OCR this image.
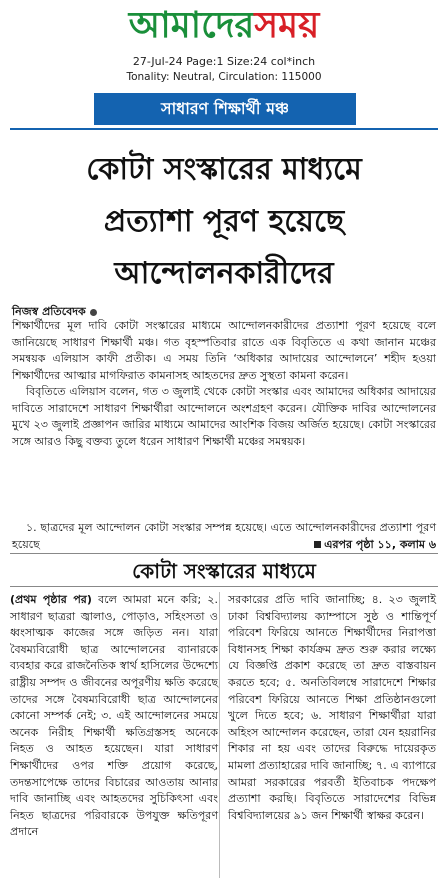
আমাদেরসময়
27-Jul-24 Page:1 Size:24 col*inch
Tonality: Neutral, Circulation: 115000
সাধারণ শিক্ষার্থী মঞ্চ
কোটা সংস্কারের মাধ্যমে
প্রত্যাশা পূরণ হয়েছে
আন্দোলনকারীদের
নিজস্ব প্রতিবেদক

শিক্ষার্থীদের মূল দাবি কোটা সংস্কারের মাধ্যমে আন্দোলনকারীদের প্রত্যাশা পূরণ হয়েছে বলে জানিয়েছে সাধারণ শিক্ষার্থী মঞ্চ। গত বৃহস্পতিবার রাতে এক বিবৃতিতে এ কথা জানান মঞ্চের সমন্বয়ক এলিয়াস কাফী প্রতীক। এ সময় তিনি ‘অধিকার আদায়ের আন্দোলনে’ শহীদ হওয়া শিক্ষার্থীদের আত্মার মাগফিরাত কামনাসহ আহতদের দ্রুত সুস্থতা কামনা করেন।

বিবৃতিতে এলিয়াস বলেন, গত ৩ জুলাই থেকে কোটা সংস্কার এবং আমাদের অধিকার আদায়ের দাবিতে সারাদেশে সাধারণ শিক্ষার্থীরা আন্দোলনে অংশগ্রহণ করেন। যৌক্তিক দাবির আন্দোলনের মুখে ২৩ জুলাই প্রজ্ঞাপন জারির মাধ্যমে আমাদের আংশিক বিজয় অর্জিত হয়েছে। কোটা সংস্কারের সঙ্গে আরও কিছু বক্তব্য তুলে ধরেন সাধারণ শিক্ষার্থী মঞ্চের সমন্বয়ক।

১. ছাত্রদের মূল আন্দোলন কোটা সংস্কার সম্পন্ন হয়েছে। এতে আন্দোলনকারীদের প্রত্যাশা পূরণ হয়েছে	এরপর পৃষ্ঠা ১১, কলাম ৬
কোটা সংস্কারের মাধ্যমে
(প্রথম পৃষ্ঠার পর) বলে আমরা মনে করি; ২. সাধারণ ছাত্ররা জ্বালাও, পোড়াও, সহিংসতা ও ধ্বংসাত্মক কাজের সঙ্গে জড়িত নন। যারা বৈষম্যবিরোধী ছাত্র আন্দোলনের ব্যানারকে ব্যবহার করে রাজনৈতিক স্বার্থ হাসিলের উদ্দেশ্যে রাষ্ট্রীয় সম্পদ ও জীবনের অপূরণীয় ক্ষতি করেছে তাদের সঙ্গে বৈষম্যবিরোধী ছাত্র আন্দোলনের কোনো সম্পর্ক নেই; ৩. এই আন্দোলনের সময়ে অনেক নিরীহ শিক্ষার্থী ক্ষতিগ্রস্তসহ অনেকে নিহত ও আহত হয়েছেন। যারা সাধারণ শিক্ষার্থীদের ওপর শক্তি প্রয়োগ করেছে, তদন্তসাপেক্ষে তাদের বিচারের আওতায় আনার দাবি জানাচ্ছি এবং আহতদের সুচিকিৎসা এবং নিহত ছাত্রদের পরিবারকে উপযুক্ত ক্ষতিপূরণ প্রদানে
সরকারের প্রতি দাবি জানাচ্ছি; ৪. ২৩ জুলাই ঢাকা বিশ্ববিদ্যালয় ক্যাম্পাসে সুষ্ঠ ও শান্তিপূর্ণ পরিবেশ ফিরিয়ে আনতে শিক্ষার্থীদের নিরাপত্তা বিধানসহ শিক্ষা কার্যক্রম দ্রুত শুরু করার লক্ষ্যে যে বিজ্ঞপ্তি প্রকাশ করেছে তা দ্রুত বাস্তবায়ন করতে হবে; ৫. অনতিবিলম্বে সারাদেশে শিক্ষার পরিবেশ ফিরিয়ে আনতে শিক্ষা প্রতিষ্ঠানগুলো খুলে দিতে হবে; ৬. সাধারণ শিক্ষার্থীরা যারা অহিংস আন্দোলন করেছেন, তারা যেন হয়রানির শিকার না হয় এবং তাদের বিরুদ্ধে দায়েরকৃত মামলা প্রত্যাহারের দাবি জানাচ্ছি; ৭. এ ব্যাপারে আমরা সরকারের পরবর্তী ইতিবাচক পদক্ষেপ প্রত্যাশা করছি। বিবৃতিতে সারাদেশের বিভিন্ন বিশ্ববিদ্যালয়ের ৯১ জন শিক্ষার্থী স্বাক্ষর করেন।
